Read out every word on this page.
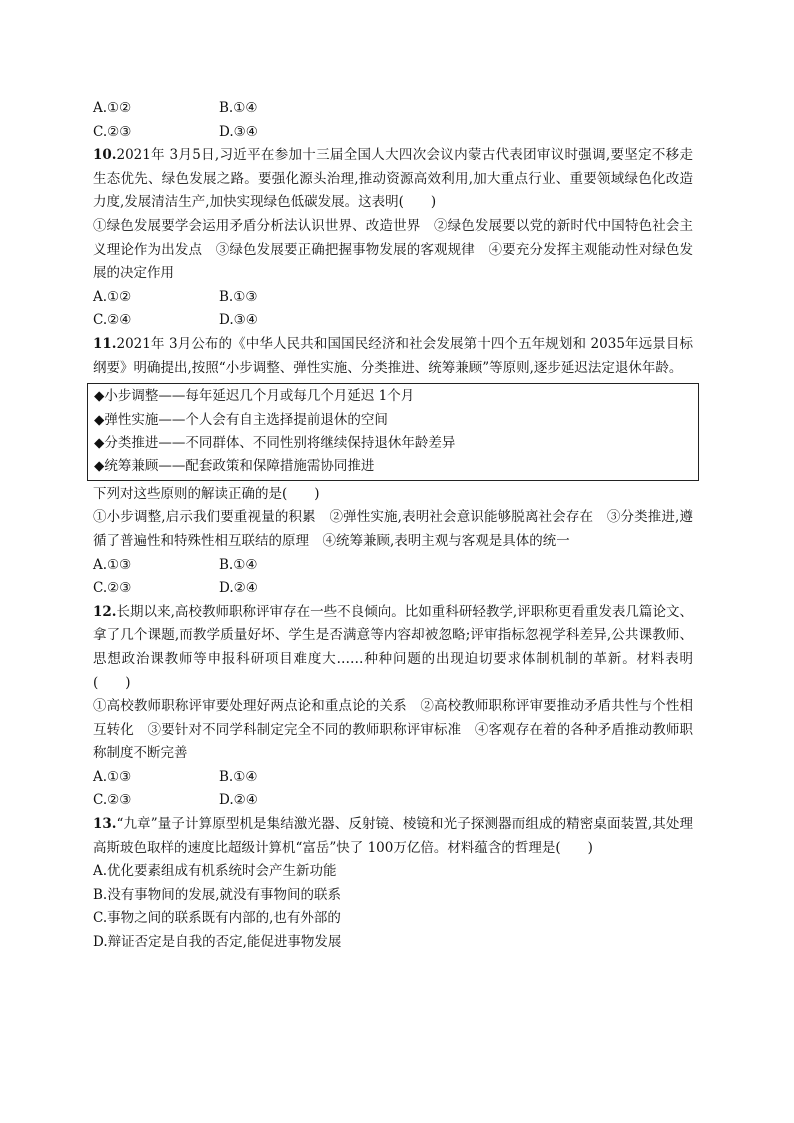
A.①②	B.①④
C.②③	D.③④
10.2021年 3月5日,习近平在参加十三届全国人大四次会议内蒙古代表团审议时强调,要坚定不移走生态优先、绿色发展之路。要强化源头治理,推动资源高效利用,加大重点行业、重要领域绿色化改造力度,发展清洁生产,加快实现绿色低碳发展。这表明(　　)
①绿色发展要学会运用矛盾分析法认识世界、改造世界　②绿色发展要以党的新时代中国特色社会主义理论作为出发点　③绿色发展要正确把握事物发展的客观规律　④要充分发挥主观能动性对绿色发展的决定作用
A.①②	B.①③
C.②④	D.③④
11.2021年 3月公布的《中华人民共和国国民经济和社会发展第十四个五年规划和 2035年远景目标纲要》明确提出,按照“小步调整、弹性实施、分类推进、统筹兼顾”等原则,逐步延迟法定退休年龄。
◆小步调整——每年延迟几个月或每几个月延迟 1个月
◆弹性实施——个人会有自主选择提前退休的空间
◆分类推进——不同群体、不同性别将继续保持退休年龄差异
◆统筹兼顾——配套政策和保障措施需协同推进
下列对这些原则的解读正确的是(　　)
①小步调整,启示我们要重视量的积累　②弹性实施,表明社会意识能够脱离社会存在　③分类推进,遵循了普遍性和特殊性相互联结的原理　④统筹兼顾,表明主观与客观是具体的统一
A.①③	B.①④
C.②③	D.②④
12.长期以来,高校教师职称评审存在一些不良倾向。比如重科研轻教学,评职称更看重发表几篇论文、拿了几个课题,而教学质量好坏、学生是否满意等内容却被忽略;评审指标忽视学科差异,公共课教师、思想政治课教师等申报科研项目难度大……种种问题的出现迫切要求体制机制的革新。材料表明(　　)
①高校教师职称评审要处理好两点论和重点论的关系　②高校教师职称评审要推动矛盾共性与个性相互转化　③要针对不同学科制定完全不同的教师职称评审标准　④客观存在着的各种矛盾推动教师职称制度不断完善
A.①③	B.①④
C.②③	D.②④
13.“九章”量子计算原型机是集结激光器、反射镜、棱镜和光子探测器而组成的精密桌面装置,其处理高斯玻色取样的速度比超级计算机“富岳”快了 100万亿倍。材料蕴含的哲理是(　　)
A.优化要素组成有机系统时会产生新功能
B.没有事物间的发展,就没有事物间的联系
C.事物之间的联系既有内部的,也有外部的
D.辩证否定是自我的否定,能促进事物发展
